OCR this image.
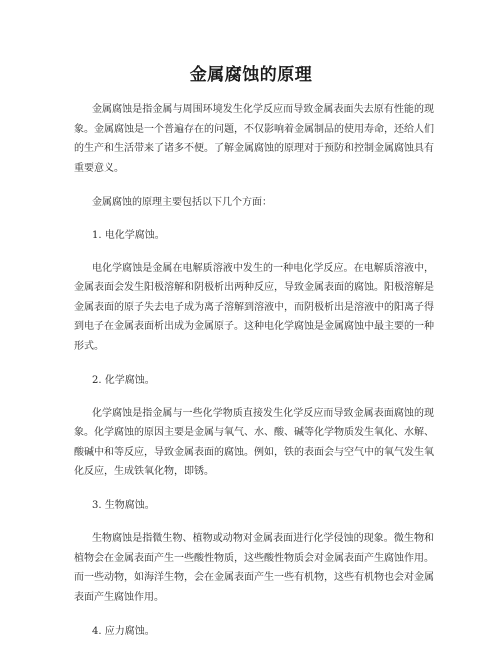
金属腐蚀的原理

金属腐蚀是指金属与周围环境发生化学反应而导致金属表面失去原有性能的现象。金属腐蚀是一个普遍存在的问题，不仅影响着金属制品的使用寿命，还给人们的生产和生活带来了诸多不便。了解金属腐蚀的原理对于预防和控制金属腐蚀具有重要意义。

金属腐蚀的原理主要包括以下几个方面：

1. 电化学腐蚀。

电化学腐蚀是金属在电解质溶液中发生的一种电化学反应。在电解质溶液中，金属表面会发生阳极溶解和阴极析出两种反应，导致金属表面的腐蚀。阳极溶解是金属表面的原子失去电子成为离子溶解到溶液中，而阴极析出是溶液中的阳离子得到电子在金属表面析出成为金属原子。这种电化学腐蚀是金属腐蚀中最主要的一种形式。

2. 化学腐蚀。

化学腐蚀是指金属与一些化学物质直接发生化学反应而导致金属表面腐蚀的现象。化学腐蚀的原因主要是金属与氧气、水、酸、碱等化学物质发生氧化、水解、酸碱中和等反应，导致金属表面的腐蚀。例如，铁的表面会与空气中的氧气发生氧化反应，生成铁氧化物，即锈。

3. 生物腐蚀。

生物腐蚀是指微生物、植物或动物对金属表面进行化学侵蚀的现象。微生物和植物会在金属表面产生一些酸性物质，这些酸性物质会对金属表面产生腐蚀作用。而一些动物，如海洋生物，会在金属表面产生一些有机物，这些有机物也会对金属表面产生腐蚀作用。

4. 应力腐蚀。
